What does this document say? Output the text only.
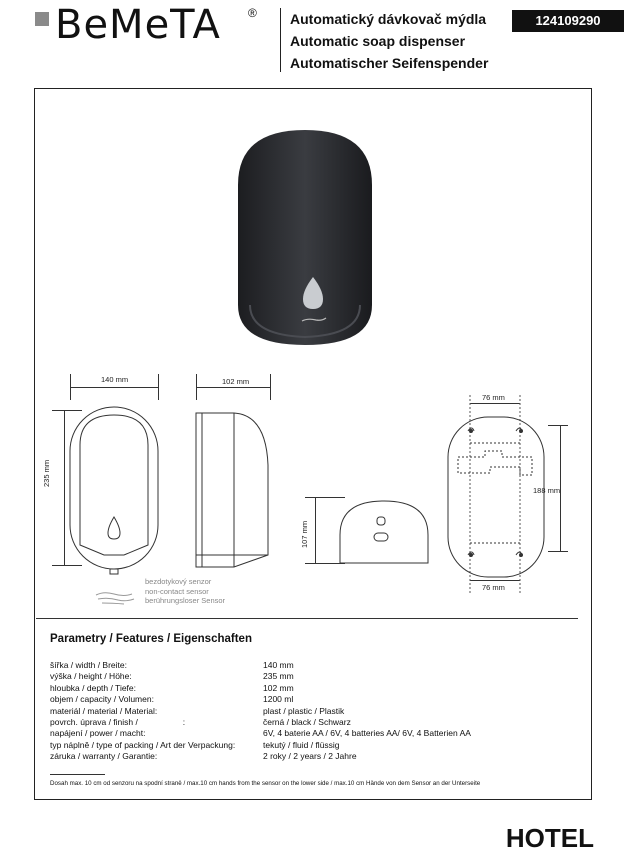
BeMeTA ® Automatický dávkovač mýdla
Automatic soap dispenser
Automatischer Seifenspender
124109290
140 mm
235 mm
bezdotykový senzor
non-contact sensor
berührungsloser Sensor
102 mm
107 mm
76 mm
188 mm
76 mm
Parametry / Features / Eigenschaften
šířka / width / Breite:	140 mm
výška / height / Höhe:	235 mm
hloubka / depth / Tiefe:	102 mm
objem / capacity / Volumen:	1200 ml
materiál / material / Material:	plast / plastic / Plastik
povrch. úprava / finish /                   :	černá / black / Schwarz
napájení / power / macht:	6V, 4 baterie AA / 6V, 4 batteries AA/ 6V, 4 Batterien AA
typ náplně / type of packing / Art der Verpackung:	tekutý / fluid / flüssig
záruka / warranty / Garantie:	2 roky / 2 years / 2 Jahre
Dosah max. 10 cm od senzoru na spodní straně / max.10 cm hands from the sensor on the lower side / max.10 cm Hände von dem Sensor an der Unterseite
HOTEL
